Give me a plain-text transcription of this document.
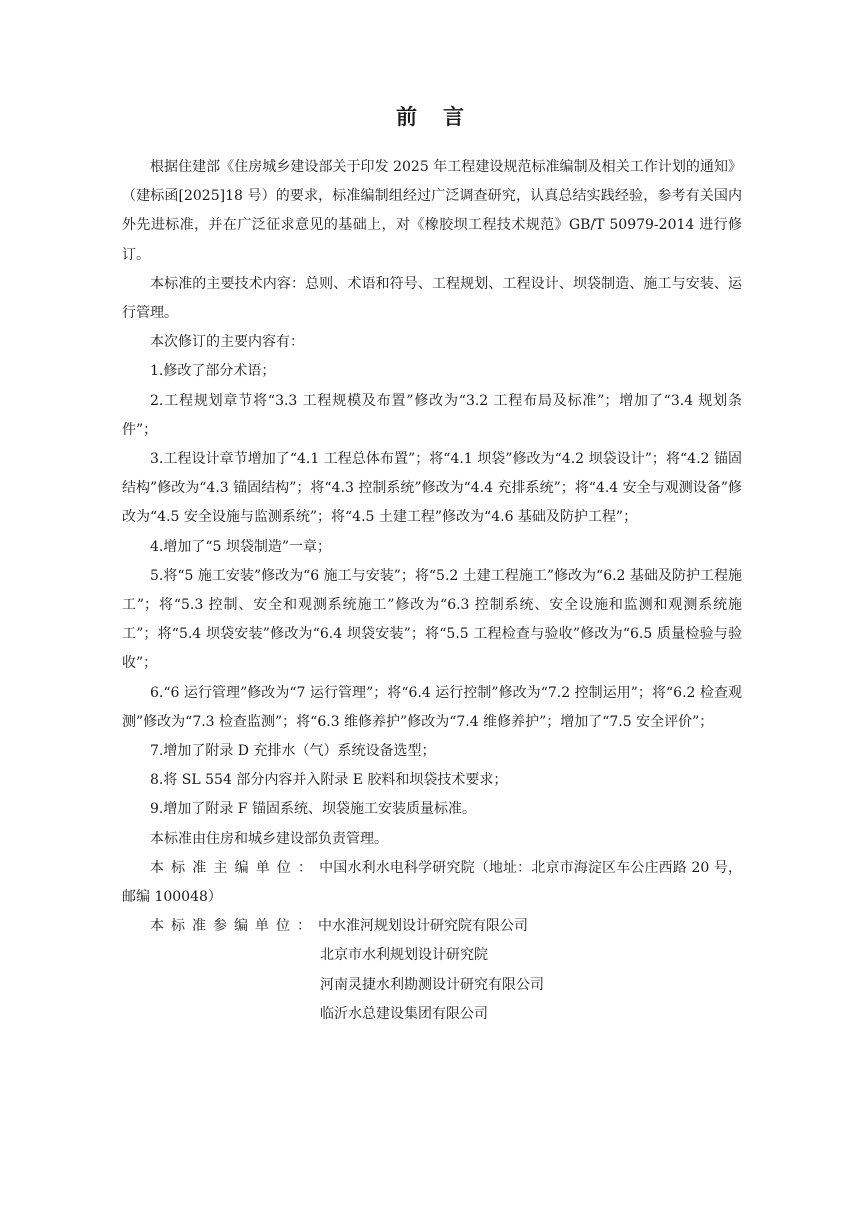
前言

根据住建部《住房城乡建设部关于印发 2025 年工程建设规范标准编制及相关工作计划的通知》（建标函[2025]18 号）的要求，标准编制组经过广泛调查研究，认真总结实践经验，参考有关国内外先进标准，并在广泛征求意见的基础上，对《橡胶坝工程技术规范》GB/T 50979-2014 进行修订。

本标准的主要技术内容：总则、术语和符号、工程规划、工程设计、坝袋制造、施工与安装、运行管理。

本次修订的主要内容有：

1.修改了部分术语；

2.工程规划章节将“3.3 工程规模及布置”修改为“3.2 工程布局及标准”；增加了“3.4 规划条件”；

3.工程设计章节增加了“4.1 工程总体布置”；将“4.1 坝袋”修改为“4.2 坝袋设计”；将“4.2 锚固结构”修改为“4.3 锚固结构”；将“4.3 控制系统”修改为“4.4 充排系统”；将“4.4 安全与观测设备”修改为“4.5 安全设施与监测系统”；将“4.5 土建工程”修改为“4.6 基础及防护工程”；

4.增加了“5 坝袋制造”一章；

5.将“5 施工安装”修改为“6 施工与安装”；将“5.2 土建工程施工”修改为“6.2 基础及防护工程施工”；将“5.3 控制、安全和观测系统施工”修改为“6.3 控制系统、安全设施和监测和观测系统施工”；将“5.4 坝袋安装”修改为“6.4 坝袋安装”；将“5.5 工程检查与验收”修改为“6.5 质量检验与验收”；

6.“6 运行管理”修改为“7 运行管理”；将“6.4 运行控制”修改为“7.2 控制运用”；将“6.2 检查观测”修改为“7.3 检查监测”；将“6.3 维修养护”修改为“7.4 维修养护”；增加了“7.5 安全评价”；

7.增加了附录 D 充排水（气）系统设备选型；

8.将 SL 554 部分内容并入附录 E 胶料和坝袋技术要求；

9.增加了附录 F 锚固系统、坝袋施工安装质量标准。

本标准由住房和城乡建设部负责管理。

本标准主编单位：中国水利水电科学研究院（地址：北京市海淀区车公庄西路 20 号，邮编 100048）

本标准参编单位：中水淮河规划设计研究院有限公司

北京市水利规划设计研究院
河南灵捷水利勘测设计研究有限公司
临沂水总建设集团有限公司
